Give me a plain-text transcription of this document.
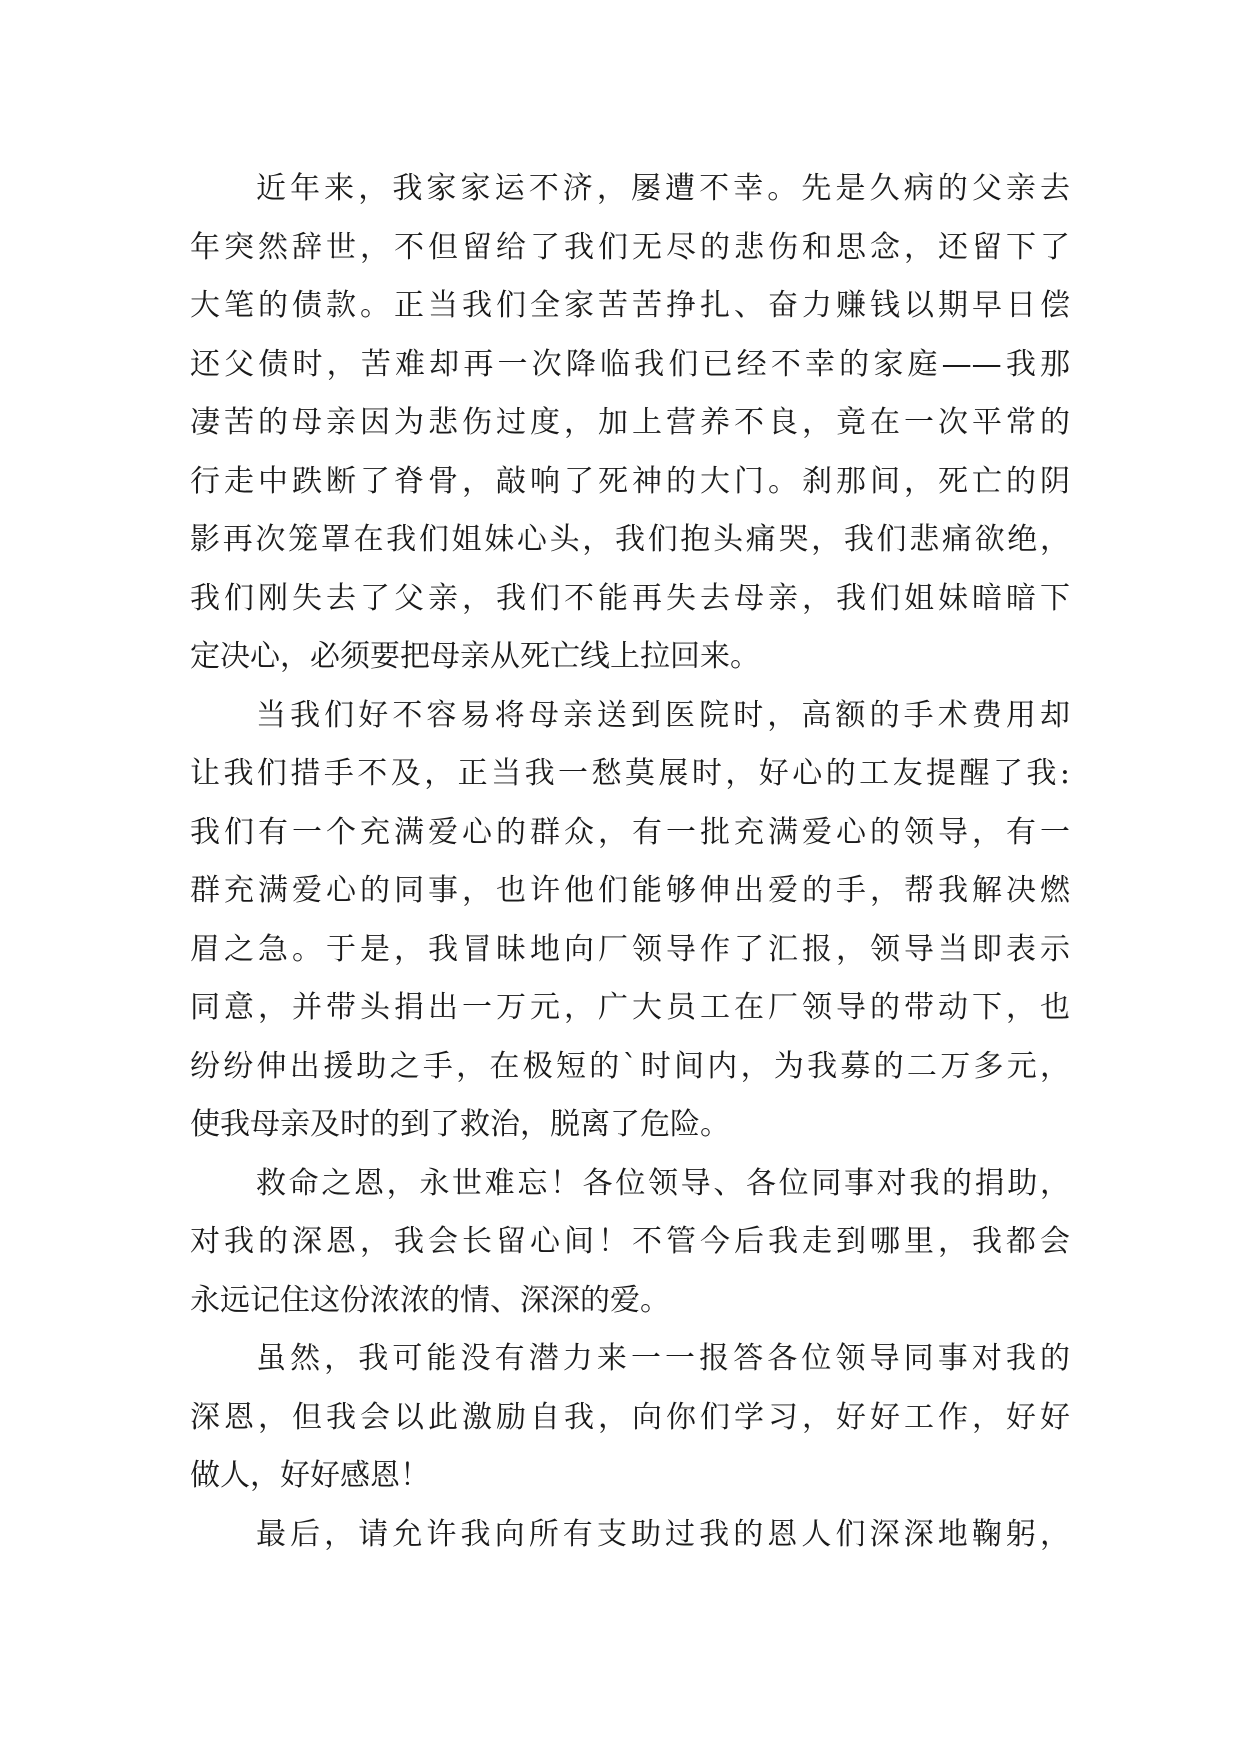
近年来，我家家运不济，屡遭不幸。先是久病的父亲去
年突然辞世，不但留给了我们无尽的悲伤和思念，还留下了
大笔的债款。正当我们全家苦苦挣扎、奋力赚钱以期早日偿
还父债时，苦难却再一次降临我们已经不幸的家庭——我那
凄苦的母亲因为悲伤过度，加上营养不良，竟在一次平常的
行走中跌断了脊骨，敲响了死神的大门。刹那间，死亡的阴
影再次笼罩在我们姐妹心头，我们抱头痛哭，我们悲痛欲绝，
我们刚失去了父亲，我们不能再失去母亲，我们姐妹暗暗下
定决心，必须要把母亲从死亡线上拉回来。
当我们好不容易将母亲送到医院时，高额的手术费用却
让我们措手不及，正当我一愁莫展时，好心的工友提醒了我:
我们有一个充满爱心的群众，有一批充满爱心的领导，有一
群充满爱心的同事，也许他们能够伸出爱的手，帮我解决燃
眉之急。于是，我冒昧地向厂领导作了汇报，领导当即表示
同意，并带头捐出一万元，广大员工在厂领导的带动下，也
纷纷伸出援助之手，在极短的`时间内，为我募的二万多元，
使我母亲及时的到了救治，脱离了危险。
救命之恩，永世难忘！各位领导、各位同事对我的捐助，
对我的深恩，我会长留心间！不管今后我走到哪里，我都会
永远记住这份浓浓的情、深深的爱。
虽然，我可能没有潜力来一一报答各位领导同事对我的
深恩，但我会以此激励自我，向你们学习，好好工作，好好
做人，好好感恩！
最后，请允许我向所有支助过我的恩人们深深地鞠躬，
